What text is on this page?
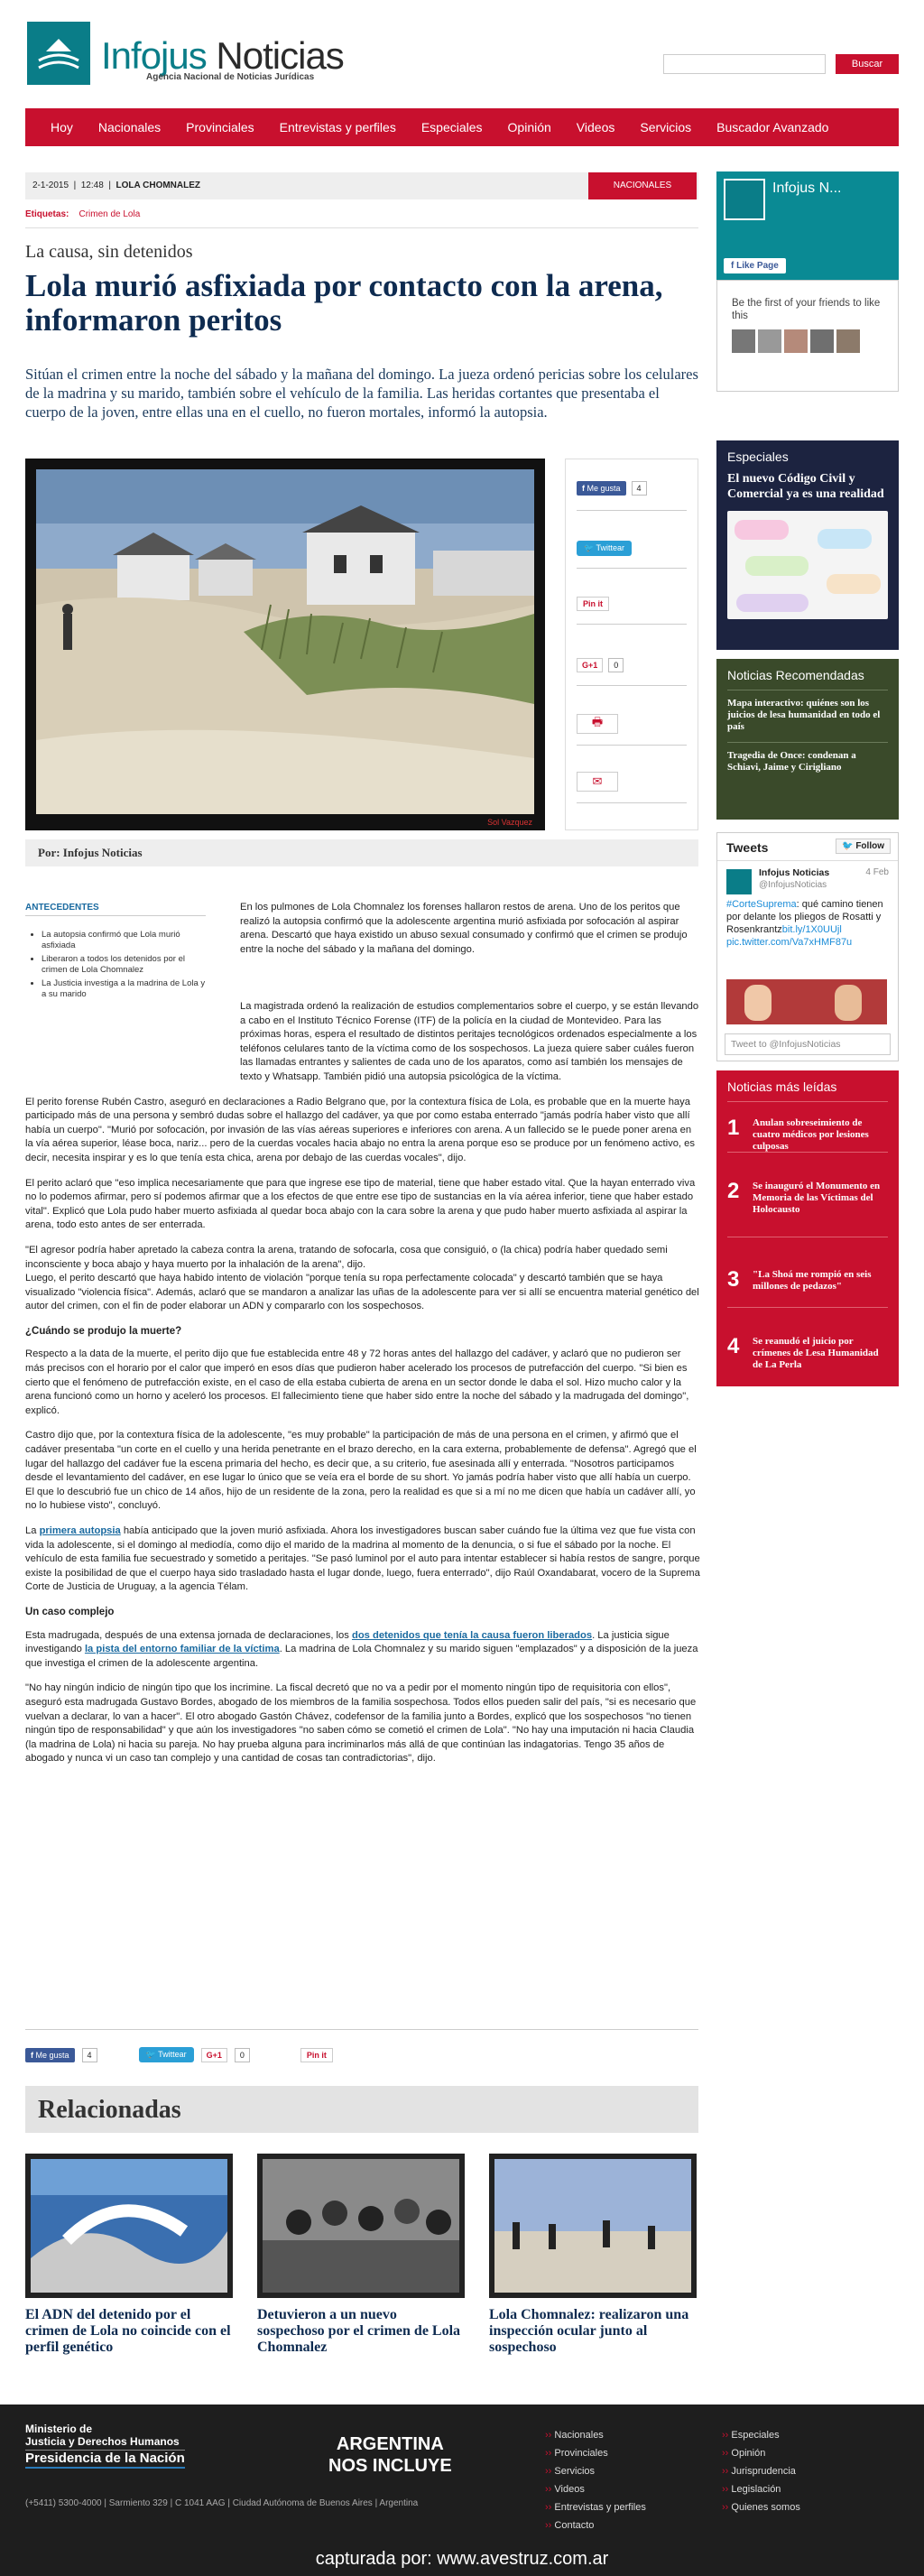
Infojus Noticias
Agencia Nacional de Noticias Jurídicas
Buscar
Hoy	Nacionales	Provinciales	Entrevistas y perfiles	Especiales	Opinión	Videos	Servicios	Buscador Avanzado
2-1-2015  |  12:48  |  LOLA CHOMNALEZ	NACIONALES
Etiquetas: Crimen de Lola
La causa, sin detenidos
Lola murió asfixiada por contacto con la arena, informaron peritos
Sitúan el crimen entre la noche del sábado y la mañana del domingo. La jueza ordenó pericias sobre los celulares de la madrina y su marido, también sobre el vehículo de la familia. Las heridas cortantes que presentaba el cuerpo de la joven, entre ellas una en el cuello, no fueron mortales, informó la autopsia.
Sol Vazquez
f Me gusta	4
🐦 Twittear
Pin it
G+1	0
🖶
✉
Por: Infojus Noticias
ANTECEDENTES
• La autopsia confirmó que Lola murió asfixiada
• Liberaron a todos los detenidos por el crimen de Lola Chomnalez
• La Justicia investiga a la madrina de Lola y a su marido

En los pulmones de Lola Chomnalez los forenses hallaron restos de arena. Uno de los peritos que realizó la autopsia confirmó que la adolescente argentina murió asfixiada por sofocación al aspirar arena. Descartó que haya existido un abuso sexual consumado y confirmó que el crimen se produjo entre la noche del sábado y la mañana del domingo.

La magistrada ordenó la realización de estudios complementarios sobre el cuerpo, y se están llevando a cabo en el Instituto Técnico Forense (ITF) de la policía en la ciudad de Montevideo. Para las próximas horas, espera el resultado de distintos peritajes tecnológicos ordenados especialmente a los teléfonos celulares tanto de la víctima como de los sospechosos. La jueza quiere saber cuáles fueron las llamadas entrantes y salientes de cada uno de los aparatos, como así también los mensajes de texto y Whatsapp. También pidió una autopsia psicológica de la víctima.

El perito forense Rubén Castro, aseguró en declaraciones a Radio Belgrano que, por la contextura física de Lola, es probable que en la muerte haya participado más de una persona y sembró dudas sobre el hallazgo del cadáver, ya que por como estaba enterrado "jamás podría haber visto que allí había un cuerpo". "Murió por sofocación, por invasión de las vías aéreas superiores e inferiores con arena. A un fallecido se le puede poner arena en la vía aérea superior, léase boca, nariz... pero de la cuerdas vocales hacia abajo no entra la arena porque eso se produce por un fenómeno activo, es decir, necesita inspirar y es lo que tenía esta chica, arena por debajo de las cuerdas vocales", dijo.

El perito aclaró que "eso implica necesariamente que para que ingrese ese tipo de material, tiene que haber estado vital. Que la hayan enterrado viva no lo podemos afirmar, pero sí podemos afirmar que a los efectos de que entre ese tipo de sustancias en la vía aérea inferior, tiene que haber estado vital". Explicó que Lola pudo haber muerto asfixiada al quedar boca abajo con la cara sobre la arena y que pudo haber muerto asfixiada al aspirar la arena, todo esto antes de ser enterrada.

"El agresor podría haber apretado la cabeza contra la arena, tratando de sofocarla, cosa que consiguió, o (la chica) podría haber quedado semi inconsciente y boca abajo y haya muerto por la inhalación de la arena", dijo.

Luego, el perito descartó que haya habido intento de violación "porque tenía su ropa perfectamente colocada" y descartó también que se haya visualizado "violencia física". Además, aclaró que se mandaron a analizar las uñas de la adolescente para ver si allí se encuentra material genético del autor del crimen, con el fin de poder elaborar un ADN y compararlo con los sospechosos.

¿Cuándo se produjo la muerte?

Respecto a la data de la muerte, el perito dijo que fue establecida entre 48 y 72 horas antes del hallazgo del cadáver, y aclaró que no pudieron ser más precisos con el horario por el calor que imperó en esos días que pudieron haber acelerado los procesos de putrefacción del cuerpo. "Si bien es cierto que el fenómeno de putrefacción existe, en el caso de ella estaba cubierta de arena en un sector donde le daba el sol. Hizo mucho calor y la arena funcionó como un horno y aceleró los procesos. El fallecimiento tiene que haber sido entre la noche del sábado y la madrugada del domingo", explicó.

Castro dijo que, por la contextura física de la adolescente, "es muy probable" la participación de más de una persona en el crimen, y afirmó que el cadáver presentaba "un corte en el cuello y una herida penetrante en el brazo derecho, en la cara externa, probablemente de defensa". Agregó que el lugar del hallazgo del cadáver fue la escena primaria del hecho, es decir que, a su criterio, fue asesinada allí y enterrada. "Nosotros participamos desde el levantamiento del cadáver, en ese lugar lo único que se veía era el borde de su short. Yo jamás podría haber visto que allí había un cuerpo. El que lo descubrió fue un chico de 14 años, hijo de un residente de la zona, pero la realidad es que si a mí no me dicen que había un cadáver allí, yo no lo hubiese visto", concluyó.

La primera autopsia había anticipado que la joven murió asfixiada. Ahora los investigadores buscan saber cuándo fue la última vez que fue vista con vida la adolescente, si el domingo al mediodía, como dijo el marido de la madrina al momento de la denuncia, o si fue el sábado por la noche. El vehículo de esta familia fue secuestrado y sometido a peritajes. "Se pasó luminol por el auto para intentar establecer si había restos de sangre, porque existe la posibilidad de que el cuerpo haya sido trasladado hasta el lugar donde, luego, fuera enterrado", dijo Raúl Oxandabarat, vocero de la Suprema Corte de Justicia de Uruguay, a la agencia Télam.

Un caso complejo

Esta madrugada, después de una extensa jornada de declaraciones, los dos detenidos que tenía la causa fueron liberados. La justicia sigue investigando la pista del entorno familiar de la víctima. La madrina de Lola Chomnalez y su marido siguen "emplazados" y a disposición de la jueza que investiga el crimen de la adolescente argentina.

"No hay ningún indicio de ningún tipo que los incrimine. La fiscal decretó que no va a pedir por el momento ningún tipo de requisitoria con ellos", aseguró esta madrugada Gustavo Bordes, abogado de los miembros de la familia sospechosa. Todos ellos pueden salir del país, "si es necesario que vuelvan a declarar, lo van a hacer". El otro abogado Gastón Chávez, codefensor de la familia junto a Bordes, explicó que los sospechosos "no tienen ningún tipo de responsabilidad" y que aún los investigadores "no saben cómo se cometió el crimen de Lola". "No hay una imputación ni hacia Claudia (la madrina de Lola) ni hacia su pareja. No hay prueba alguna para incriminarlos más allá de que continúan las indagatorias. Tengo 35 años de abogado y nunca vi un caso tan complejo y una cantidad de cosas tan contradictorias", dijo.

f Me gusta	4	🐦 Twittear	G+1	0	Pin it
Relacionadas
El ADN del detenido por el crimen de Lola no coincide con el perfil genético
Detuvieron a un nuevo sospechoso por el crimen de Lola Chomnalez
Lola Chomnalez: realizaron una inspección ocular junto al sospechoso
Infojus N...
f Like Page
Be the first of your friends to like this
Especiales
El nuevo Código Civil y Comercial ya es una realidad
Noticias Recomendadas
Mapa interactivo: quiénes son los juicios de lesa humanidad en todo el país
Tragedia de Once: condenan a Schiavi, Jaime y Cirigliano
Tweets	🐦 Follow
Infojus Noticias
@InfojusNoticias
4 Feb
#CorteSuprema: qué camino tienen por delante los pliegos de Rosatti y Rosenkrantzbit.ly/1X0UUjl pic.twitter.com/Va7xHMF87u
Tweet to @InfojusNoticias
Noticias más leídas
1 Anulan sobreseimiento de cuatro médicos por lesiones culposas
2 Se inauguró el Monumento en Memoria de las Víctimas del Holocausto
3 "La Shoá me rompió en seis millones de pedazos"
4 Se reanudó el juicio por crímenes de Lesa Humanidad de La Perla
Ministerio de
Justicia y Derechos Humanos
Presidencia de la Nación
ARGENTINA
NOS INCLUYE
(+5411) 5300-4000 | Sarmiento 329 | C 1041 AAG | Ciudad Autónoma de Buenos Aires | Argentina
›› Nacionales
›› Provinciales
›› Servicios
›› Videos
›› Entrevistas y perfiles
›› Contacto
›› Especiales
›› Opinión
›› Jurisprudencia
›› Legislación
›› Quienes somos
capturada por: www.avestruz.com.ar
